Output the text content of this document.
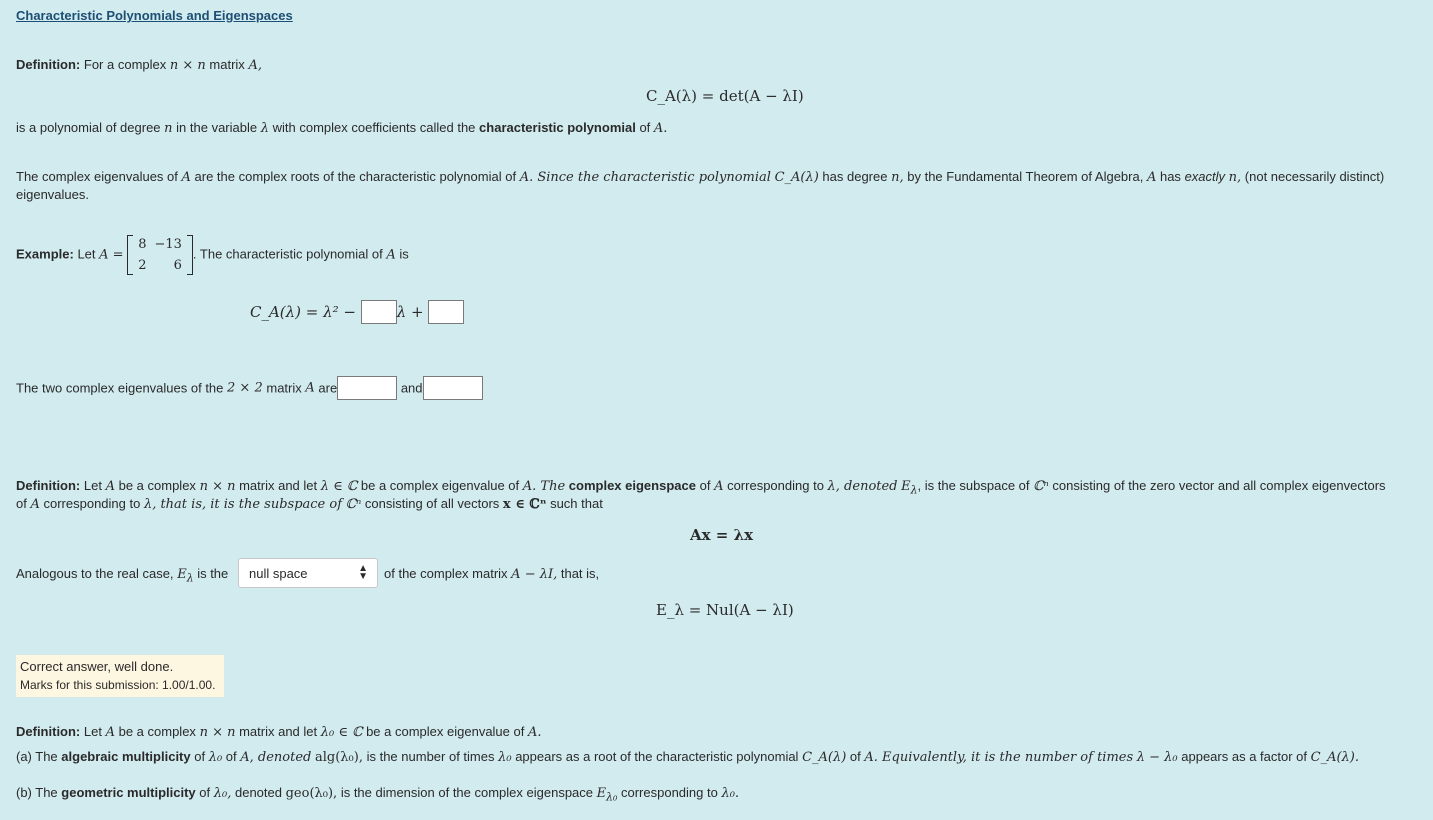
Characteristic Polynomials and Eigenspaces
Definition: For a complex n × n matrix A,
C_A(λ) = det(A − λI)
is a polynomial of degree n in the variable λ with complex coefficients called the characteristic polynomial of A.
The complex eigenvalues of A are the complex roots of the characteristic polynomial of A. Since the characteristic polynomial C_A(λ) has degree n, by the Fundamental Theorem of Algebra, A has exactly n, (not necessarily distinct)
eigenvalues.
Example: Let A =
8	−13
2	6
. The characteristic polynomial of A is
C_A(λ) = λ² −	λ +
The two complex eigenvalues of the 2 × 2 matrix A are	and
Definition: Let A be a complex n × n matrix and let λ ∈ ℂ be a complex eigenvalue of A. The complex eigenspace of A corresponding to λ, denoted $E_\lambda$, is the subspace of ℂⁿ consisting of the zero vector and all complex eigenvectors
of A corresponding to λ, that is, it is the subspace of ℂⁿ consisting of all vectors x ∈ ℂⁿ such that
Ax = λx
Analogous to the real case, $E_\lambda$ is the null space	▲
▼ of the complex matrix A − λI, that is,
E_λ = Nul(A − λI)
Correct answer, well done.
Marks for this submission: 1.00/1.00.
Definition: Let A be a complex n × n matrix and let λ₀ ∈ ℂ be a complex eigenvalue of A.
(a) The algebraic multiplicity of λ₀ of A, denoted alg(λ₀), is the number of times λ₀ appears as a root of the characteristic polynomial C_A(λ) of A. Equivalently, it is the number of times λ − λ₀ appears as a factor of C_A(λ).
(b) The geometric multiplicity of λ₀, denoted geo(λ₀), is the dimension of the complex eigenspace $E_{\lambda_0}$ corresponding to λ₀.
